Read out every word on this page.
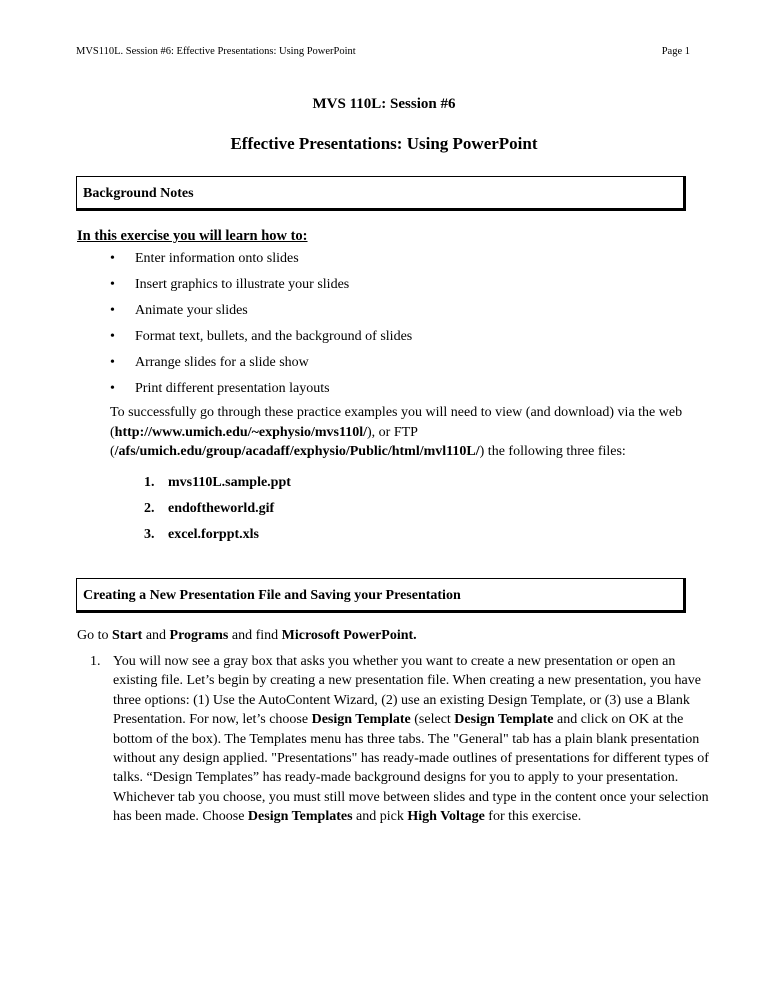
MVS110L. Session #6: Effective Presentations: Using PowerPoint	Page 1
MVS 110L: Session #6
Effective Presentations: Using PowerPoint
Background Notes
In this exercise you will learn how to:
• Enter information onto slides
• Insert graphics to illustrate your slides
• Animate your slides
• Format text, bullets, and the background of slides
• Arrange slides for a slide show
• Print different presentation layouts
To successfully go through these practice examples you will need to view (and download) via the web (http://www.umich.edu/~exphysio/mvs110l/), or FTP (/afs/umich.edu/group/acadaff/exphysio/Public/html/mvl110L/) the following three files:
1. mvs110L.sample.ppt
2. endoftheworld.gif
3. excel.forppt.xls
Creating a New Presentation File and Saving your Presentation
Go to Start and Programs and find Microsoft PowerPoint.
1. You will now see a gray box that asks you whether you want to create a new presentation or open an existing file. Let’s begin by creating a new presentation file. When creating a new presentation, you have three options: (1) Use the AutoContent Wizard, (2) use an existing Design Template, or (3) use a Blank Presentation. For now, let’s choose Design Template (select Design Template and click on OK at the bottom of the box). The Templates menu has three tabs. The "General" tab has a plain blank presentation without any design applied. "Presentations" has ready-made outlines of presentations for different types of talks. “Design Templates” has ready-made background designs for you to apply to your presentation. Whichever tab you choose, you must still move between slides and type in the content once your selection has been made. Choose Design Templates and pick High Voltage for this exercise.
